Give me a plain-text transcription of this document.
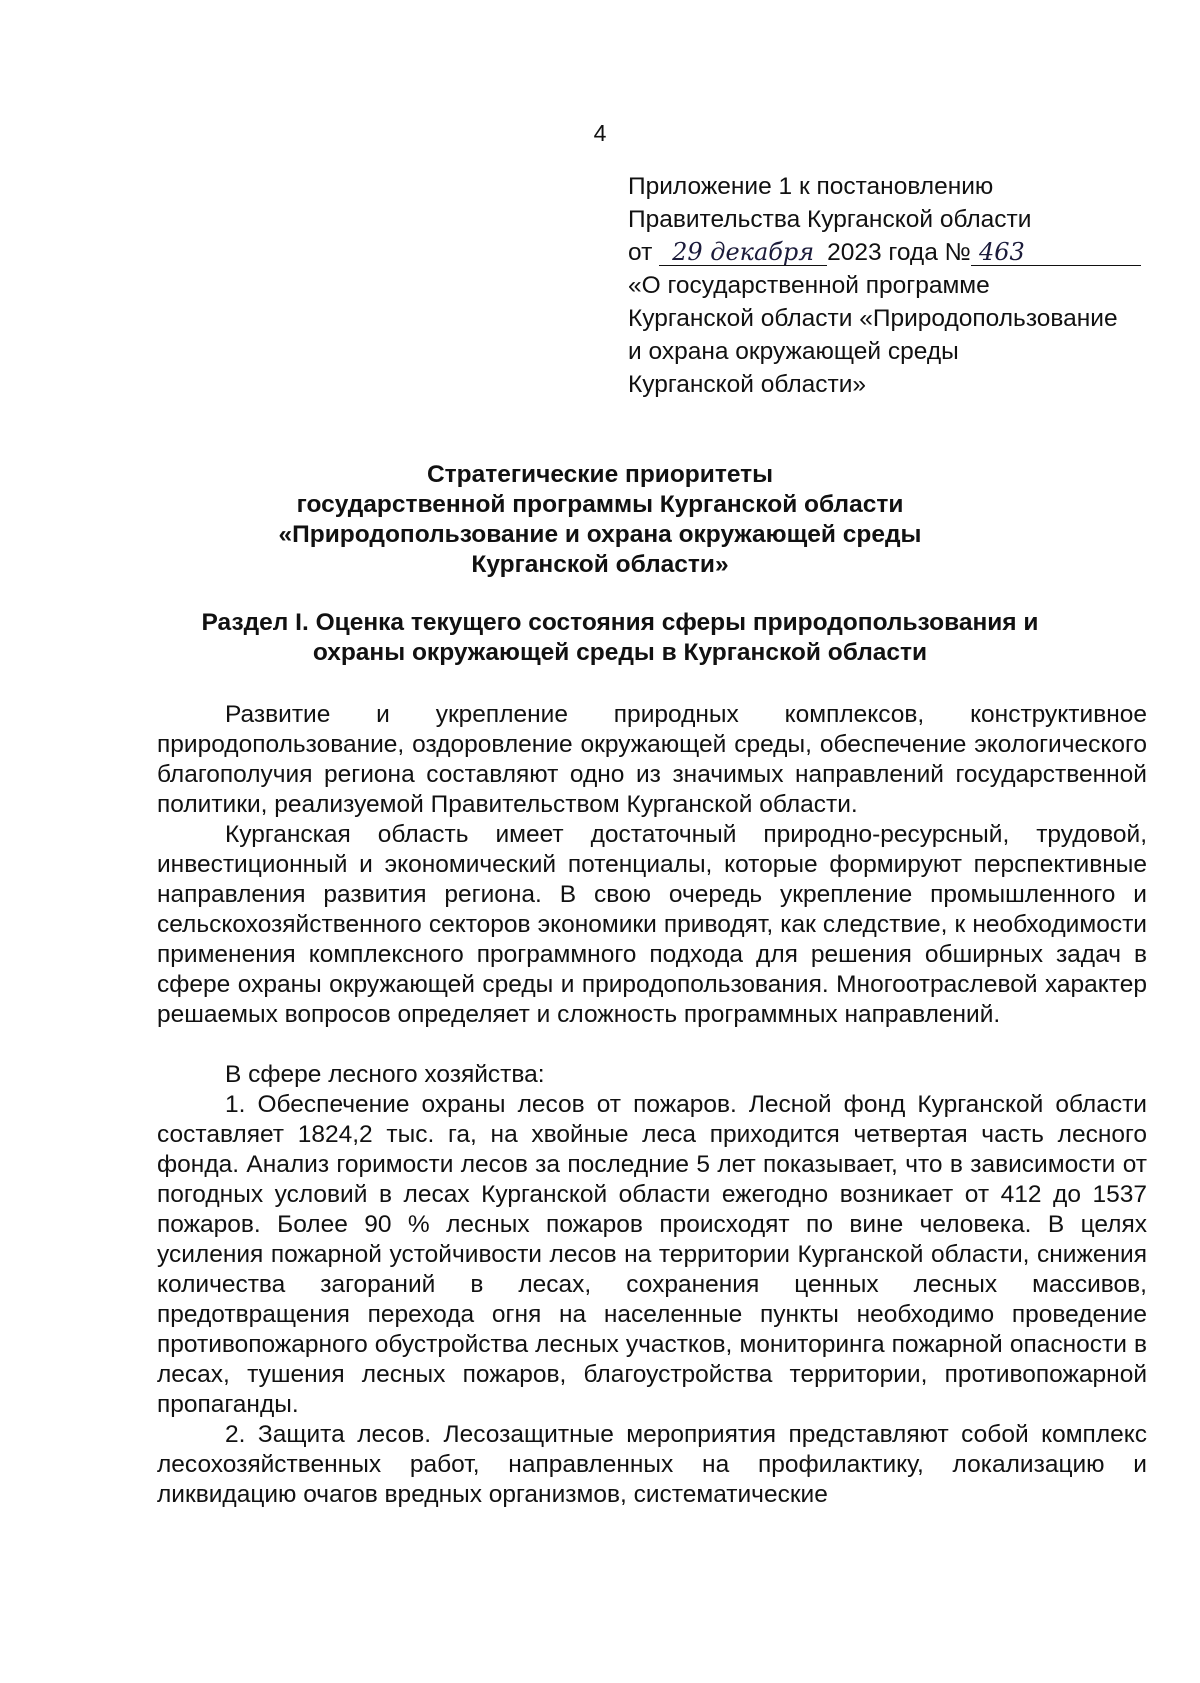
4
Приложение 1 к постановлению
Правительства Курганской области
от 29 декабря 2023 года № 463
«О государственной программе
Курганской области «Природопользование
и охрана окружающей среды
Курганской области»
Стратегические приоритеты
государственной программы Курганской области
«Природопользование и охрана окружающей среды
Курганской области»
Раздел I. Оценка текущего состояния сферы природопользования и
охраны окружающей среды в Курганской области

Развитие и укрепление природных комплексов, конструктивное природопользование, оздоровление окружающей среды, обеспечение экологического благополучия региона составляют одно из значимых направлений государственной политики, реализуемой Правительством Курганской области.

Курганская область имеет достаточный природно-ресурсный, трудовой, инвестиционный и экономический потенциалы, которые формируют перспективные направления развития региона. В свою очередь укрепление промышленного и сельскохозяйственного секторов экономики приводят, как следствие, к необходимости применения комплексного программного подхода для решения обширных задач в сфере охраны окружающей среды и природопользования. Многоотраслевой характер решаемых вопросов определяет и сложность программных направлений.

В сфере лесного хозяйства:

1. Обеспечение охраны лесов от пожаров. Лесной фонд Курганской области составляет 1824,2 тыс. га, на хвойные леса приходится четвертая часть лесного фонда. Анализ горимости лесов за последние 5 лет показывает, что в зависимости от погодных условий в лесах Курганской области ежегодно возникает от 412 до 1537 пожаров. Более 90 % лесных пожаров происходят по вине человека. В целях усиления пожарной устойчивости лесов на территории Курганской области, снижения количества загораний в лесах, сохранения ценных лесных массивов, предотвращения перехода огня на населенные пункты необходимо проведение противопожарного обустройства лесных участков, мониторинга пожарной опасности в лесах, тушения лесных пожаров, благоустройства территории, противопожарной пропаганды.

2. Защита лесов. Лесозащитные мероприятия представляют собой комплекс лесохозяйственных работ, направленных на профилактику, локализацию и ликвидацию очагов вредных организмов, систематические
